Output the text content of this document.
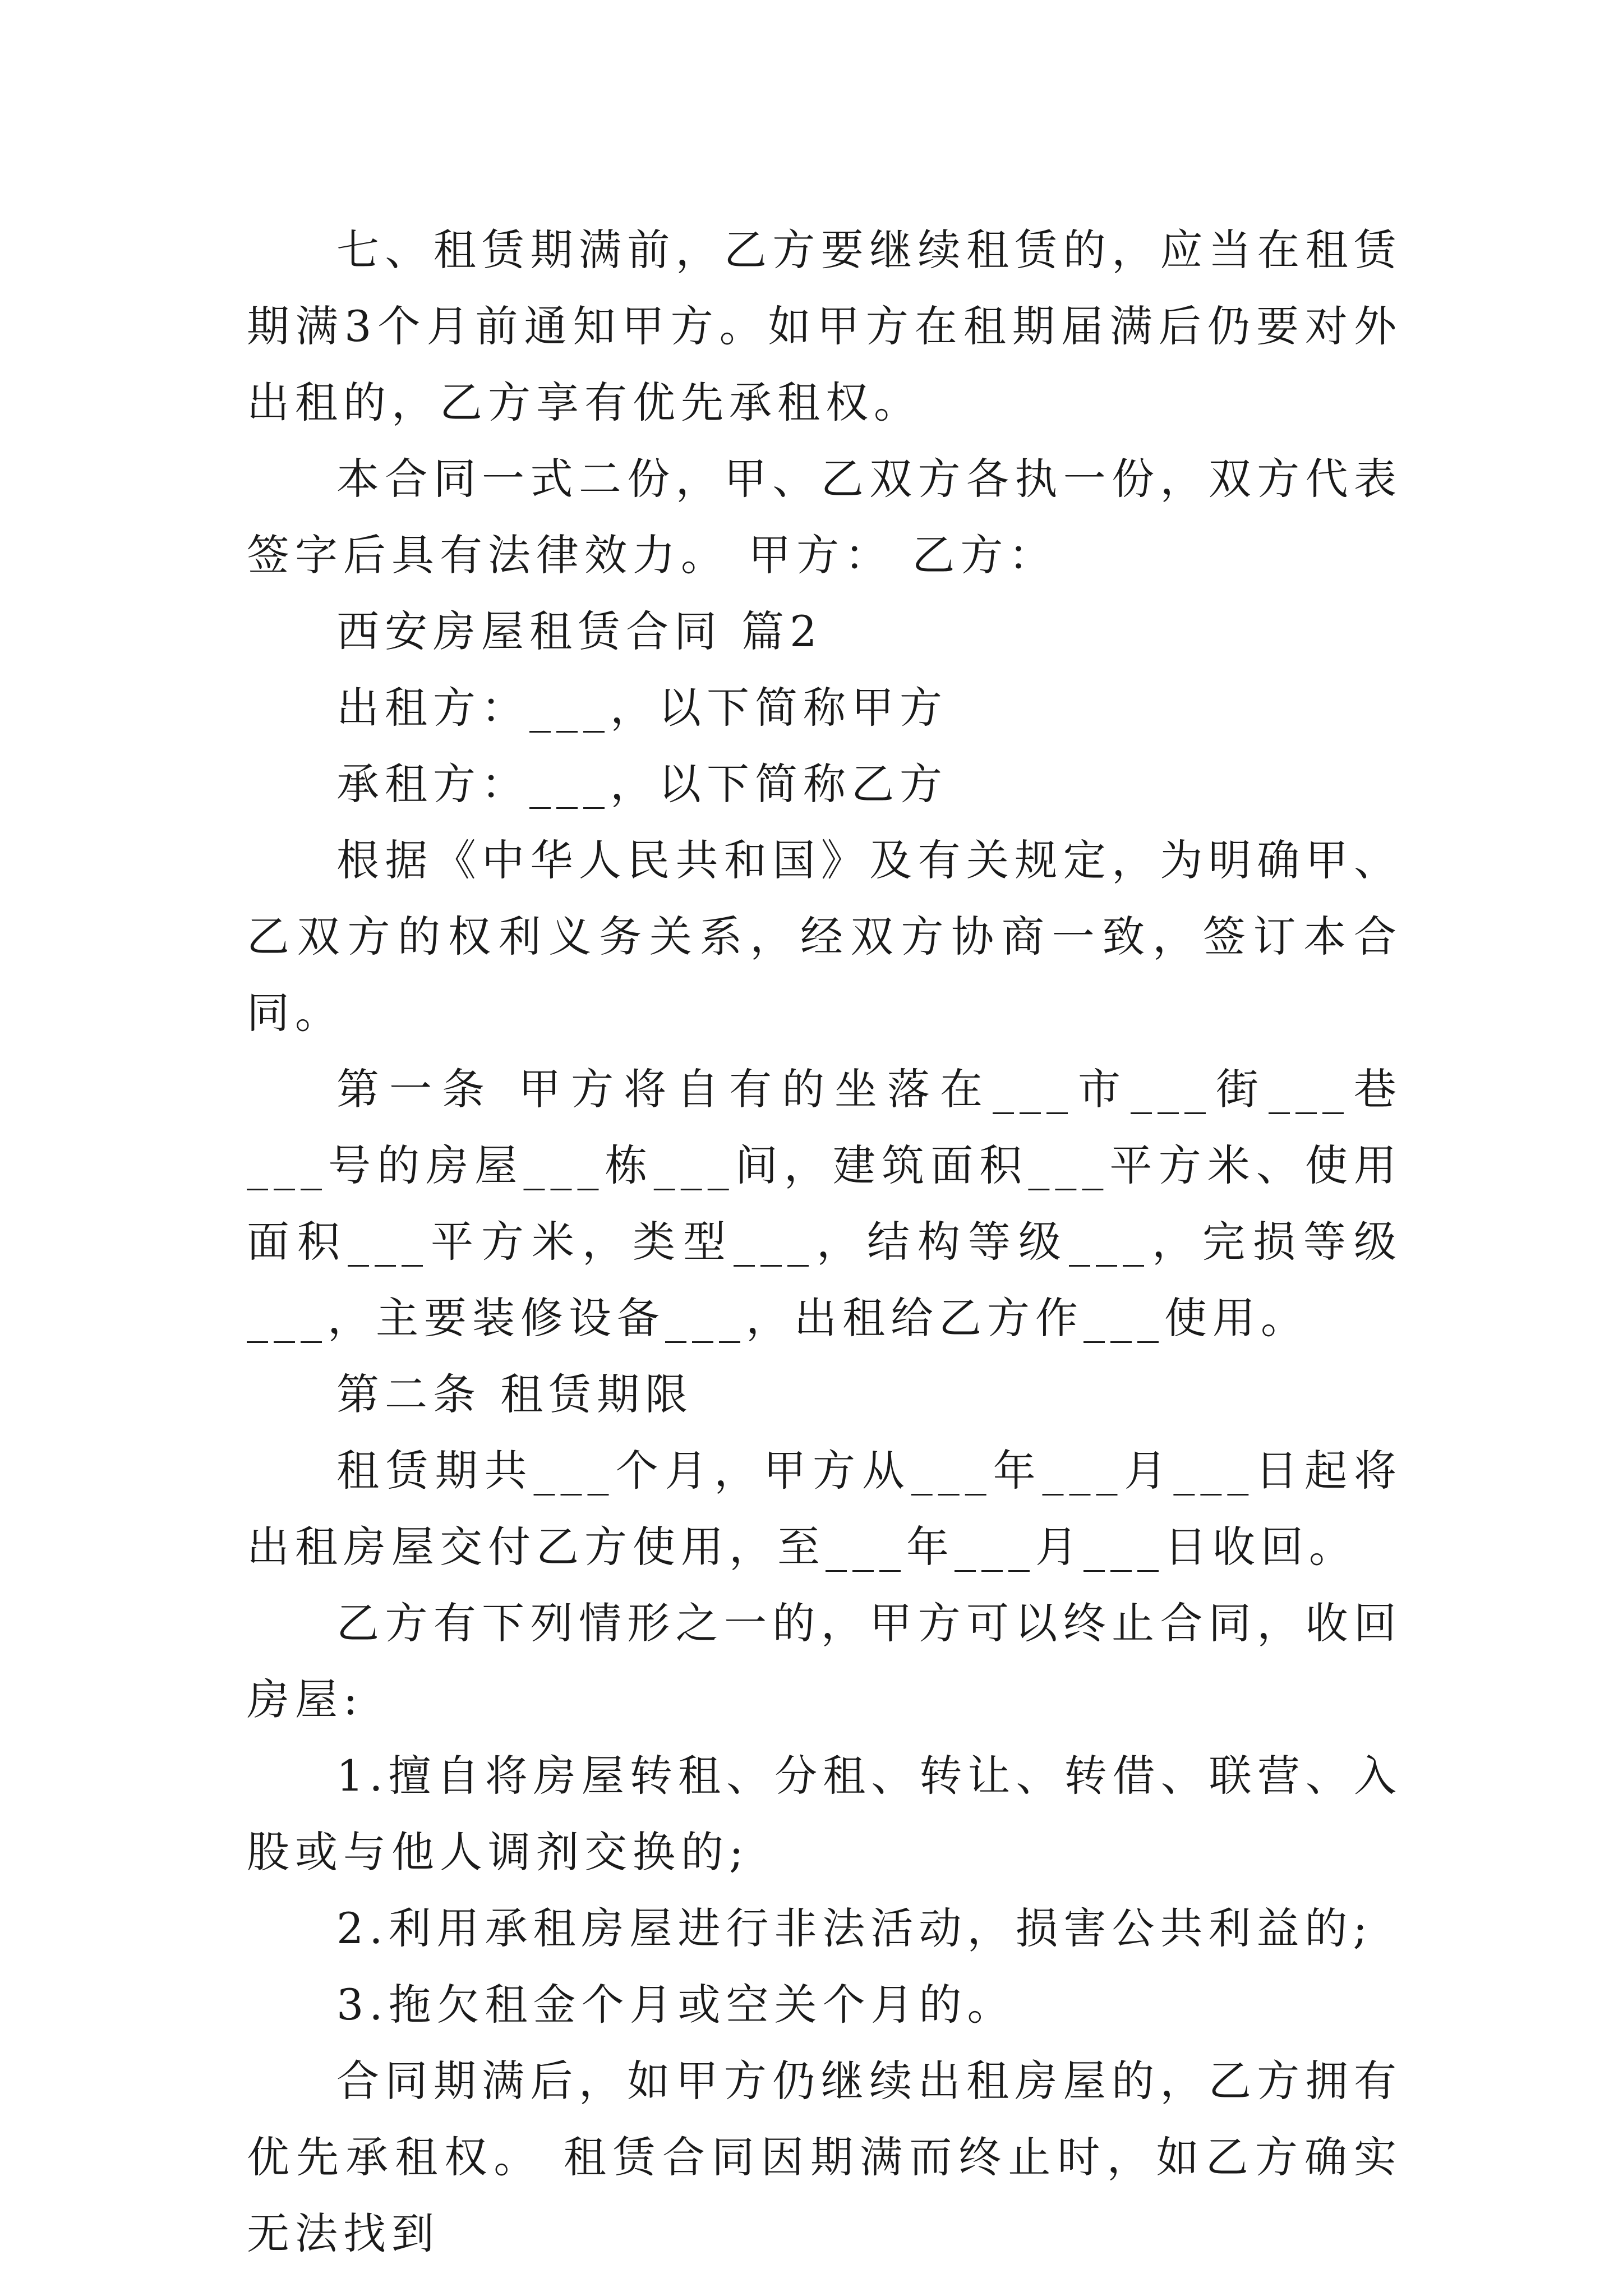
七、租赁期满前，乙方要继续租赁的，应当在租赁期满3个月前通知甲方。如甲方在租期届满后仍要对外出租的，乙方享有优先承租权。

本合同一式二份，甲、乙双方各执一份，双方代表签字后具有法律效力。 甲方： 乙方：

西安房屋租赁合同 篇2

出租方：___，以下简称甲方

承租方：___，以下简称乙方

根据《中华人民共和国》及有关规定，为明确甲、乙双方的权利义务关系，经双方协商一致，签订本合同。

第一条 甲方将自有的坐落在___市___街___巷___号的房屋___栋___间，建筑面积___平方米、使用面积___平方米，类型___，结构等级___，完损等级___，主要装修设备___，出租给乙方作___使用。

第二条 租赁期限

租赁期共___个月，甲方从___年___月___日起将出租房屋交付乙方使用，至___年___月___日收回。

乙方有下列情形之一的，甲方可以终止合同，收回房屋:

1.擅自将房屋转租、分租、转让、转借、联营、入股或与他人调剂交换的;

2.利用承租房屋进行非法活动，损害公共利益的;

3.拖欠租金个月或空关个月的。

合同期满后，如甲方仍继续出租房屋的，乙方拥有优先承租权。 租赁合同因期满而终止时，如乙方确实无法找到
